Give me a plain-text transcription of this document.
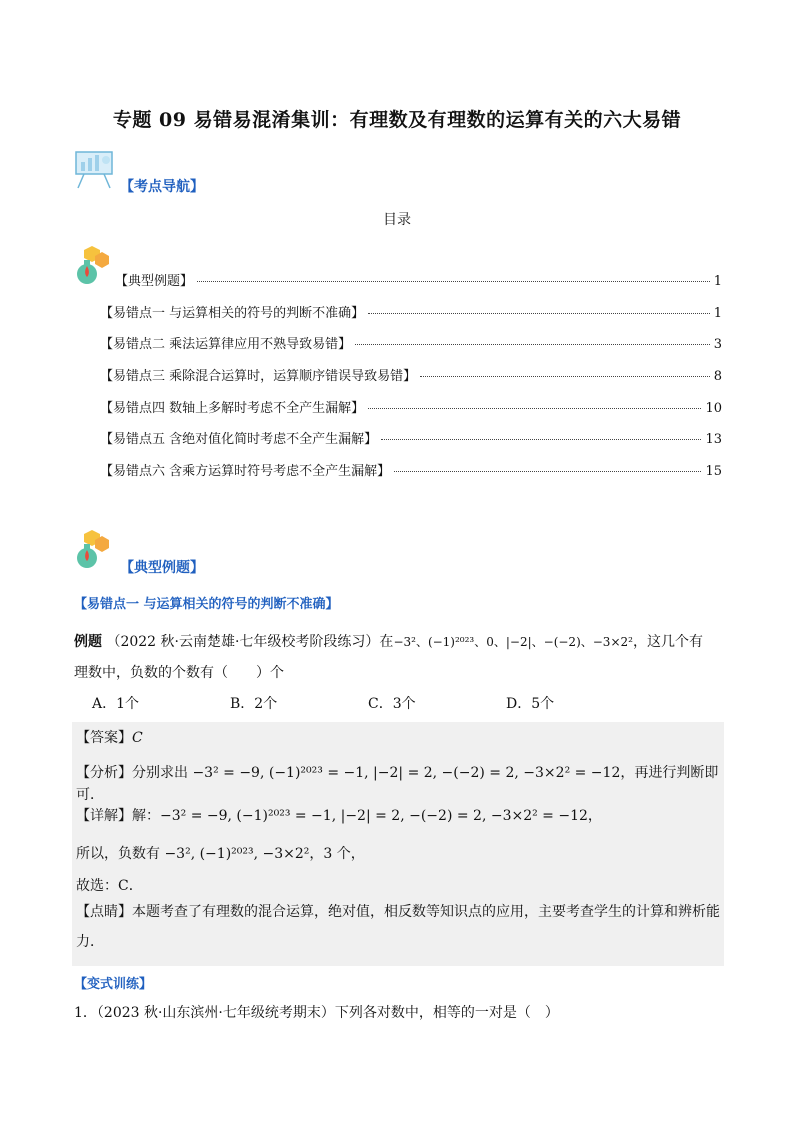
专题 09 易错易混淆集训：有理数及有理数的运算有关的六大易错
【考点导航】
目录
【典型例题】	1
【易错点一 与运算相关的符号的判断不准确】	1
【易错点二 乘法运算律应用不熟导致易错】	3
【易错点三 乘除混合运算时，运算顺序错误导致易错】	8
【易错点四 数轴上多解时考虑不全产生漏解】	10
【易错点五 含绝对值化简时考虑不全产生漏解】	13
【易错点六 含乘方运算时符号考虑不全产生漏解】	15
【典型例题】
【易错点一 与运算相关的符号的判断不准确】
例题 （2022 秋·云南楚雄·七年级校考阶段练习）在−3²、(−1)²⁰²³、0、|−2|、−(−2)、−3×2²，这几个有
理数中，负数的个数有（　　）个
A．1个	B．2个	C．3个	D．5个
【答案】C
【分析】分别求出 −3² = −9, (−1)²⁰²³ = −1, |−2| = 2, −(−2) = 2, −3×2² = −12，再进行判断即可．
【详解】解：−3² = −9, (−1)²⁰²³ = −1, |−2| = 2, −(−2) = 2, −3×2² = −12，
所以，负数有 −3², (−1)²⁰²³, −3×2²，3 个，
故选：C．
【点睛】本题考查了有理数的混合运算，绝对值，相反数等知识点的应用，主要考查学生的计算和辨析能
力．
【变式训练】
1．（2023 秋·山东滨州·七年级统考期末）下列各对数中，相等的一对是（　）
